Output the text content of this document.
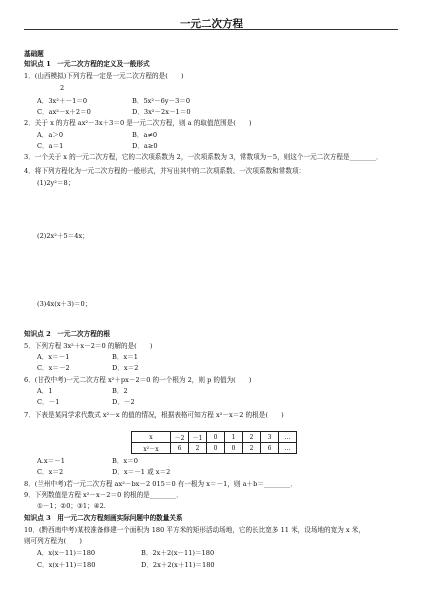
一元二次方程
基础题
知识点 1　一元二次方程的定义及一般形式
1．(山西模拟)下列方程一定是一元二次方程的是(　　)
2
A．3x²＋－1＝0	B．5x²－6y－3＝0
C．ax²－x＋2＝0	D．3x²－2x－1＝0
2．关于 x 的方程 ax²－3x＋3＝0 是一元二次方程，则 a 的取值范围是(　　)
A．a＞0	B．a≠0
C．a＝1	D．a≥0
3．一个关于 x 的一元二次方程，它的二次项系数为 2，一次项系数为 3，常数项为－5，则这个一元二次方程是________．
4．将下列方程化为一元二次方程的一般形式，并写出其中的二次项系数、一次项系数和常数项：
(1)2y²＝8；
(2)2x²＋5＝4x；
(3)4x(x＋3)＝0；
知识点 2　一元二次方程的根
5．下列方程 3x²＋x－2＝0 的解的是(　　)
A．x＝－1	B．x＝1
C．x＝－2	D．x＝2
6．(甘孜中考)一元二次方程 x²＋px－2＝0 的一个根为 2，则 p 的值为(　　)
A．1	B．2
C．－1	D．－2
7．下表是某同学求代数式 x²－x 的值的情况，根据表格可知方程 x²－x＝2 的根是(　　)
x	－2	－1	0	1	2	3	…
x²－x	6	2	0	0	2	6	…
A.x＝－1	B．x＝0
C．x＝2	D．x＝－1 或 x＝2
8．(兰州中考)若一元二次方程 ax²－bx－2 015＝0 有一根为 x＝－1，则 a＋b＝________．
9．下列数值是方程 x²－x－2＝0 的根的是________．
①－1；②0；③1；④2.
知识点 3　用一元二次方程刻画实际问题中的数量关系
10．(黔西南中考)某校准备修建一个面积为 180 平方米的矩形活动场地，它的长比宽多 11 米，设场地的宽为 x 米，
则可列方程为(　　)
A．x(x－11)＝180	B．2x＋2(x－11)＝180
C．x(x＋11)＝180	D．2x＋2(x＋11)＝180
